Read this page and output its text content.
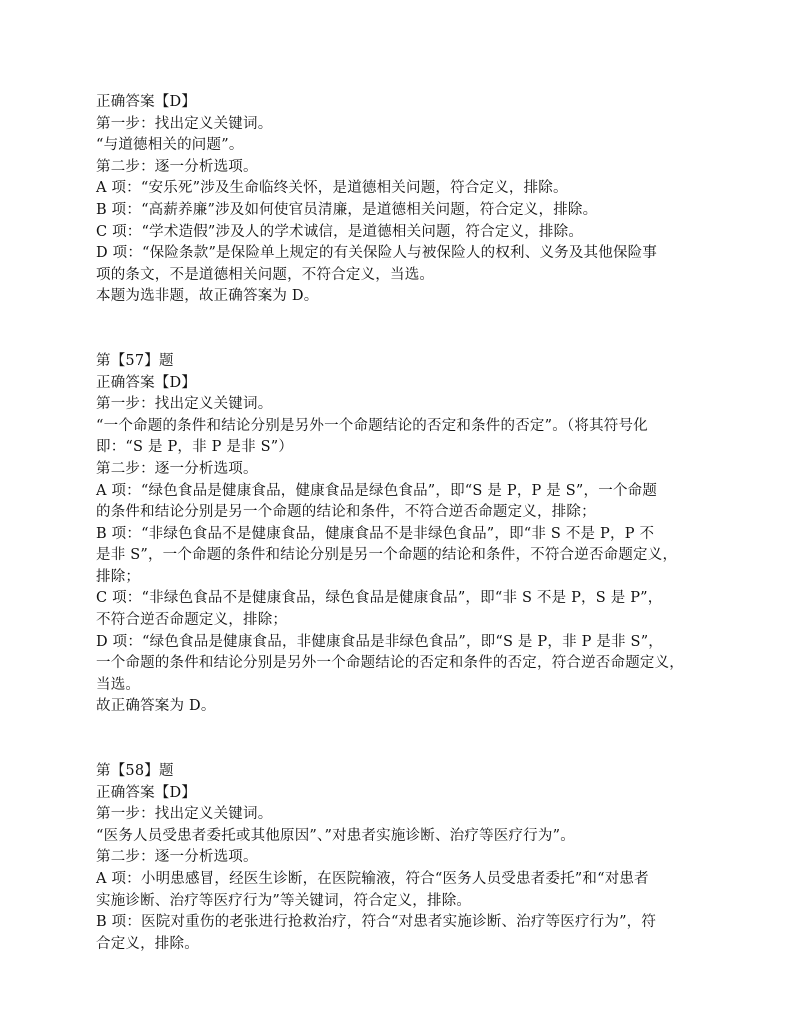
正确答案【D】
第一步：找出定义关键词。
“与道德相关的问题”。
第二步：逐一分析选项。
A 项：“安乐死”涉及生命临终关怀，是道德相关问题，符合定义，排除。
B 项：“高薪养廉”涉及如何使官员清廉，是道德相关问题，符合定义，排除。
C 项：“学术造假”涉及人的学术诚信，是道德相关问题，符合定义，排除。
D 项：“保险条款”是保险单上规定的有关保险人与被保险人的权利、义务及其他保险事
项的条文，不是道德相关问题，不符合定义，当选。
本题为选非题，故正确答案为 D。
第【57】题
正确答案【D】
第一步：找出定义关键词。
“一个命题的条件和结论分别是另外一个命题结论的否定和条件的否定”。（将其符号化
即：“S 是 P，非 P 是非 S”）
第二步：逐一分析选项。
A 项：“绿色食品是健康食品，健康食品是绿色食品”，即“S 是 P，P 是 S”，一个命题
的条件和结论分别是另一个命题的结论和条件，不符合逆否命题定义，排除；
B 项：“非绿色食品不是健康食品，健康食品不是非绿色食品”，即“非 S 不是 P，P 不
是非 S”，一个命题的条件和结论分别是另一个命题的结论和条件，不符合逆否命题定义，
排除；
C 项：“非绿色食品不是健康食品，绿色食品是健康食品”，即“非 S 不是 P，S 是 P”，
不符合逆否命题定义，排除；
D 项：“绿色食品是健康食品，非健康食品是非绿色食品”，即“S 是 P，非 P 是非 S”，
一个命题的条件和结论分别是另外一个命题结论的否定和条件的否定，符合逆否命题定义，
当选。
故正确答案为 D。
第【58】题
正确答案【D】
第一步：找出定义关键词。
“医务人员受患者委托或其他原因”、”对患者实施诊断、治疗等医疗行为”。
第二步：逐一分析选项。
A 项：小明患感冒，经医生诊断，在医院输液，符合“医务人员受患者委托”和“对患者
实施诊断、治疗等医疗行为”等关键词，符合定义，排除。
B 项：医院对重伤的老张进行抢救治疗，符合“对患者实施诊断、治疗等医疗行为”，符
合定义，排除。
